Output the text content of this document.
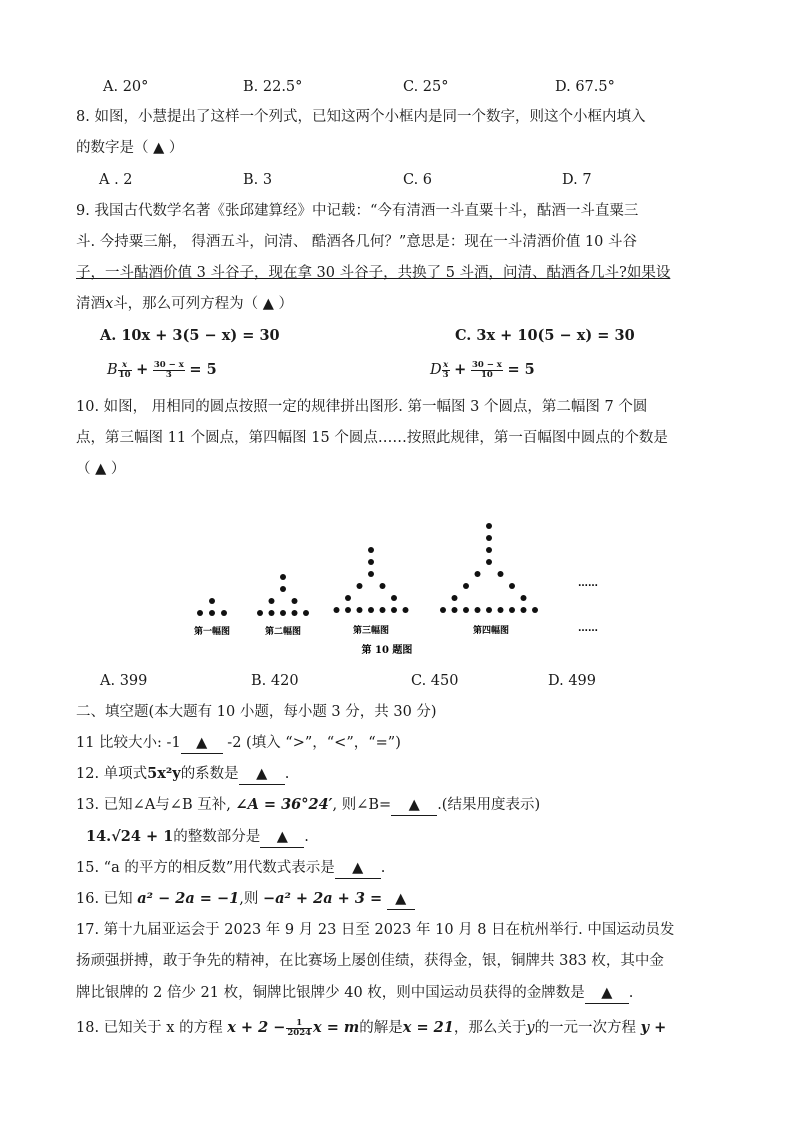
A. 20°	B. 22.5°	C. 25°	D. 67.5°
8. 如图，小慧提出了这样一个列式，已知这两个小框内是同一个数字，则这个小框内填入
的数字是（ ▲ ）
A . 2	B. 3	C. 6	D. 7
9. 我国古代数学名著《张邱建算经》中记载：“今有清酒一斗直粟十斗，酤酒一斗直粟三
斗. 今持粟三斛， 得酒五斗，问清、 酷酒各几何？”意思是：现在一斗清酒价值 10 斗谷
子，一斗酤酒价值 3 斗谷子，现在拿 30 斗谷子，共换了 5 斗酒，问清、酤酒各几斗?如果设
清酒x斗，那么可列方程为（ ▲ ）
A. 10x + 3(5 − x) = 30	C. 3x + 10(5 − x) = 30
B $\frac{x}{10} + \frac{30 - x}{3} = 5$	D $\frac{x}{3} + \frac{30 - x}{10} = 5$
10. 如图， 用相同的圆点按照一定的规律拼出图形. 第一幅图 3 个圆点，第二幅图 7 个圆
点，第三幅图 11 个圆点，第四幅图 15 个圆点……按照此规律，第一百幅图中圆点的个数是
（ ▲ ）
第一幅图	第二幅图	第三幅图	第四幅图
……
……
第 10 题图
A. 399	B. 420	C. 450	D. 499
二、填空题(本大题有 10 小题，每小题 3 分，共 30 分)
11 比较大小: -1 ▲ -2 (填入 “>”，“<”，“=”)
12. 单项式5x²y的系数是 ▲ .
13. 已知∠A与∠B 互补, ∠A = 36°24′, 则∠B= ▲ .(结果用度表示)
14.√24 + 1的整数部分是 ▲ .
15. “a 的平方的相反数”用代数式表示是 ▲ .
16. 已知 a² − 2a = −1,则 −a² + 2a + 3 = ▲
17. 第十九届亚运会于 2023 年 9 月 23 日至 2023 年 10 月 8 日在杭州举行. 中国运动员发
扬顽强拼搏，敢于争先的精神，在比赛场上屡创佳绩，获得金，银，铜牌共 383 枚，其中金
牌比银牌的 2 倍少 21 枚，铜牌比银牌少 40 枚，则中国运动员获得的金牌数是 ▲ .
18. 已知关于 x 的方程 $x + 2 - \frac{1}{2024}$ x = m的解是x = 21，那么关于y的一元一次方程 y +
